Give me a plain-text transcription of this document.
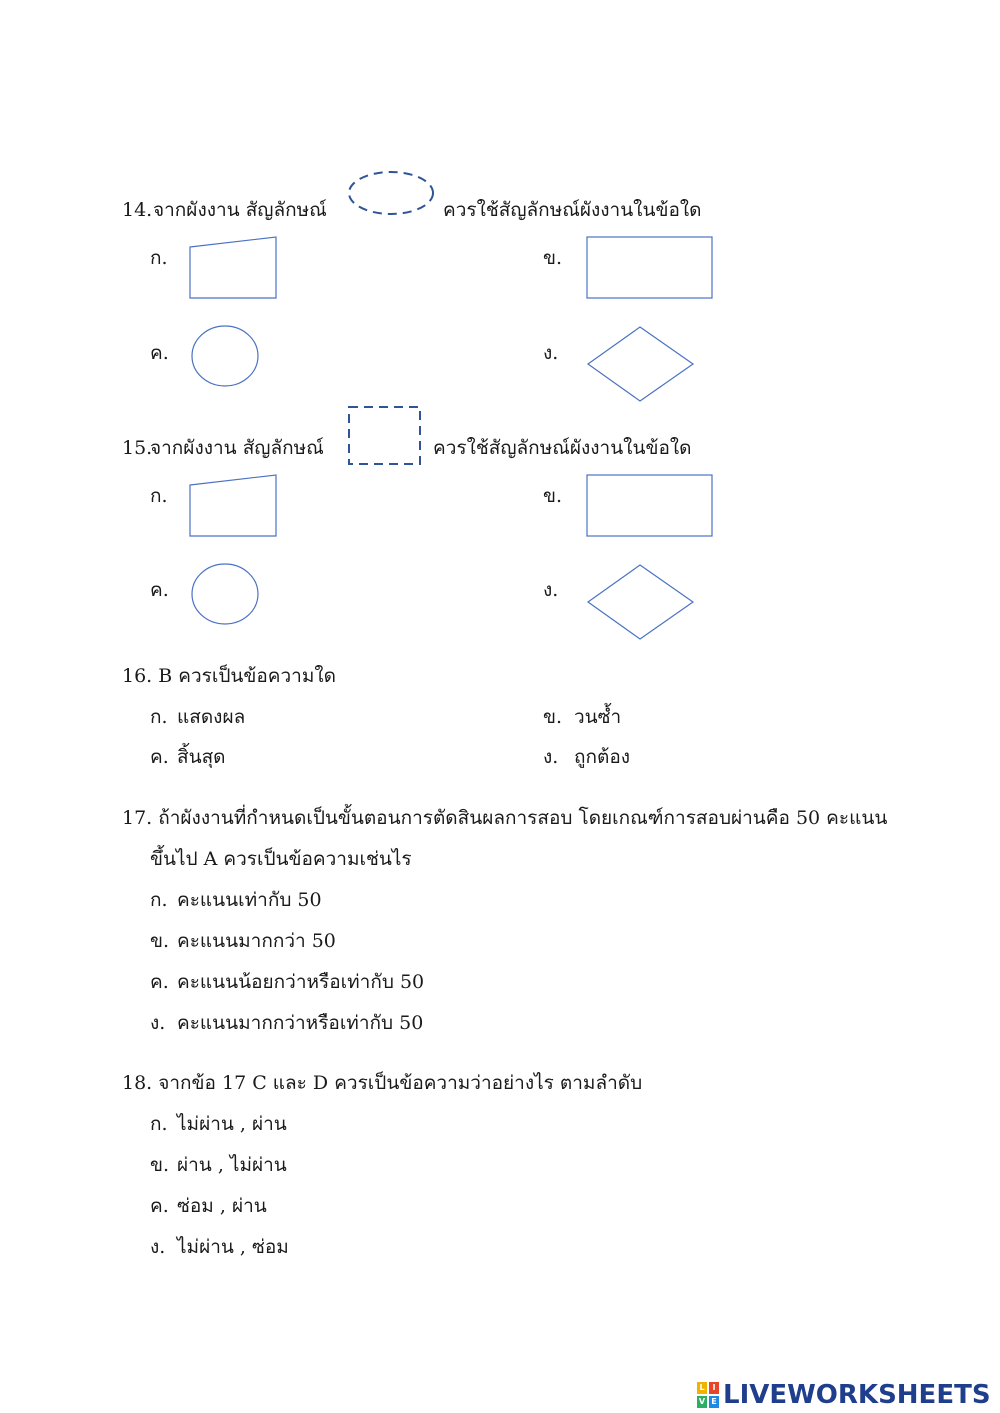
14. จากผังงาน สัญลักษณ์	ควรใช้สัญลักษณ์ผังงานในข้อใด
ก.	ข.
ค.	ง.
15.
จากผังงาน สัญลักษณ์	ควรใช้สัญลักษณ์ผังงานในข้อใด
ก.	ข.
ค.	ง.
16. B ควรเป็นข้อความใด
ก. แสดงผล	ข. วนซ้ำ
ค. สิ้นสุด	ง. ถูกต้อง
17. ถ้าผังงานที่กำหนดเป็นขั้นตอนการตัดสินผลการสอบ โดยเกณฑ์การสอบผ่านคือ 50 คะแนน
ขึ้นไป A ควรเป็นข้อความเช่นไร
ก. คะแนนเท่ากับ 50
ข. คะแนนมากกว่า 50
ค. คะแนนน้อยกว่าหรือเท่ากับ 50
ง. คะแนนมากกว่าหรือเท่ากับ 50
18. จากข้อ 17 C และ D ควรเป็นข้อความว่าอย่างไร ตามลำดับ
ก. ไม่ผ่าน , ผ่าน
ข. ผ่าน , ไม่ผ่าน
ค. ซ่อม , ผ่าน
ง. ไม่ผ่าน , ซ่อม
L I
V E LIVEWORKSHEETS
